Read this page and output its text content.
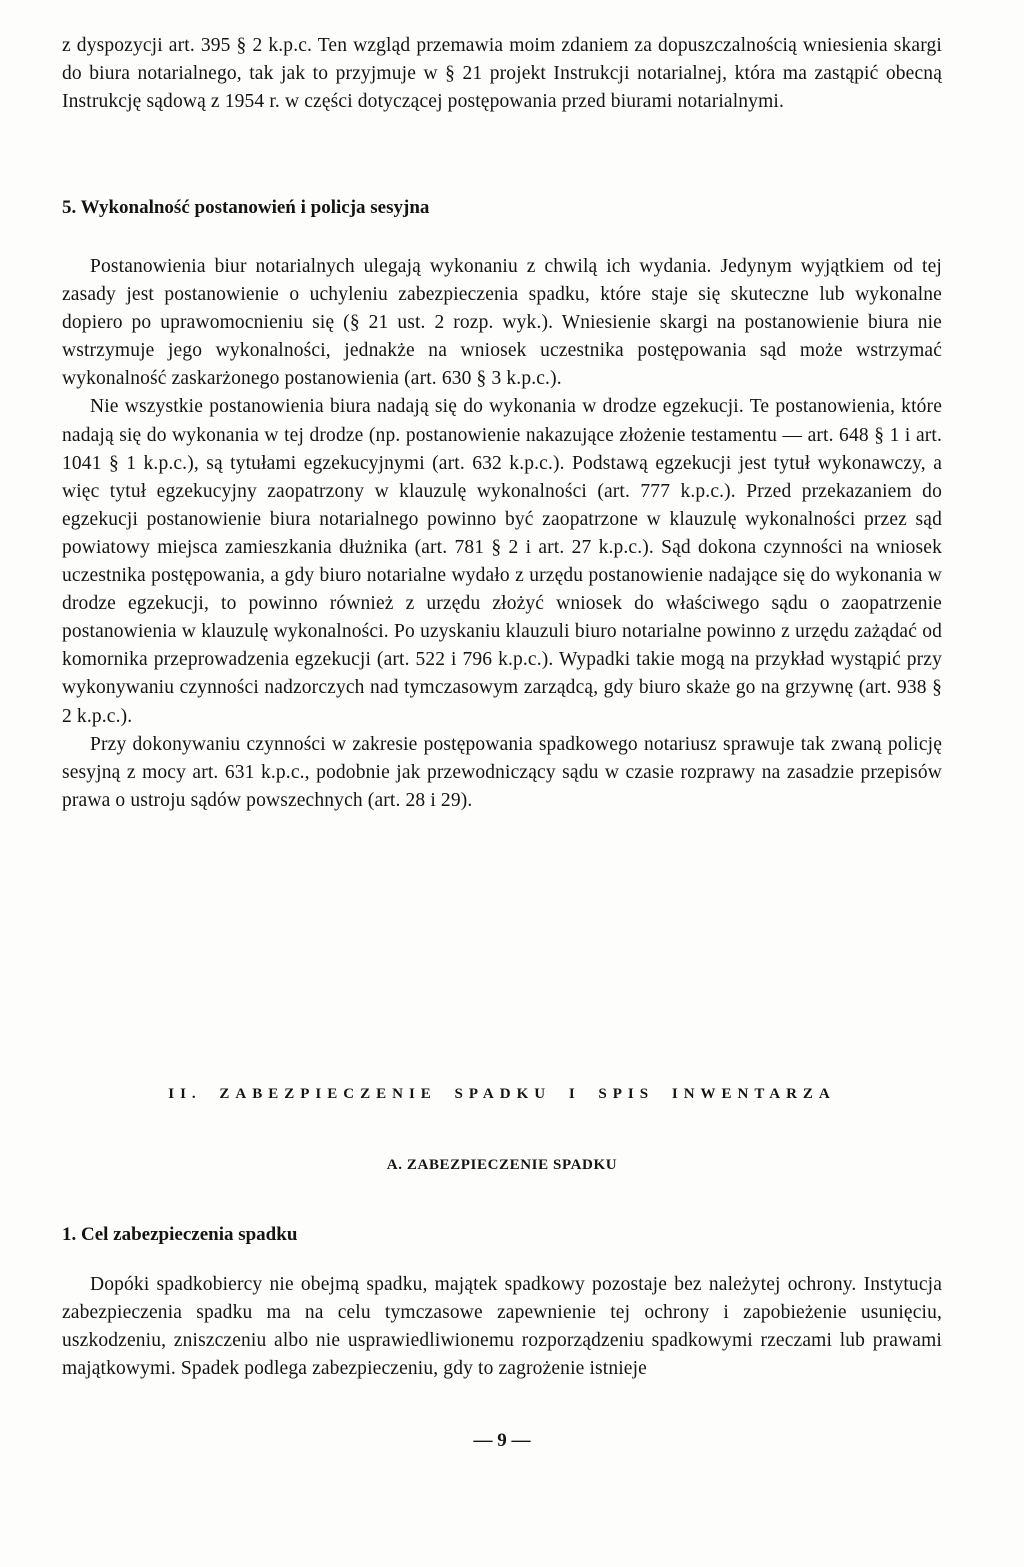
z dyspozycji art. 395 § 2 k.p.c. Ten wzgląd przemawia moim zdaniem za dopuszczalnością wniesienia skargi do biura notarialnego, tak jak to przyjmuje w § 21 projekt Instrukcji notarialnej, która ma zastąpić obecną Instrukcję sądową z 1954 r. w części dotyczącej postępowania przed biurami notarialnymi.

5. Wykonalność postanowień i policja sesyjna

Postanowienia biur notarialnych ulegają wykonaniu z chwilą ich wydania. Jedynym wyjątkiem od tej zasady jest postanowienie o uchyleniu zabezpieczenia spadku, które staje się skuteczne lub wykonalne dopiero po uprawomocnieniu się (§ 21 ust. 2 rozp. wyk.). Wniesienie skargi na postanowienie biura nie wstrzymuje jego wykonalności, jednakże na wniosek uczestnika postępowania sąd może wstrzymać wykonalność zaskarżonego postanowienia (art. 630 § 3 k.p.c.).

Nie wszystkie postanowienia biura nadają się do wykonania w drodze egzekucji. Te postanowienia, które nadają się do wykonania w tej drodze (np. postanowienie nakazujące złożenie testamentu — art. 648 § 1 i art. 1041 § 1 k.p.c.), są tytułami egzekucyjnymi (art. 632 k.p.c.). Podstawą egzekucji jest tytuł wykonawczy, a więc tytuł egzekucyjny zaopatrzony w klauzulę wykonalności (art. 777 k.p.c.). Przed przekazaniem do egzekucji postanowienie biura notarialnego powinno być zaopatrzone w klauzulę wykonalności przez sąd powiatowy miejsca zamieszkania dłużnika (art. 781 § 2 i art. 27 k.p.c.). Sąd dokona czynności na wniosek uczestnika postępowania, a gdy biuro notarialne wydało z urzędu postanowienie nadające się do wykonania w drodze egzekucji, to powinno również z urzędu złożyć wniosek do właściwego sądu o zaopatrzenie postanowienia w klauzulę wykonalności. Po uzyskaniu klauzuli biuro notarialne powinno z urzędu zażądać od komornika przeprowadzenia egzekucji (art. 522 i 796 k.p.c.). Wypadki takie mogą na przykład wystąpić przy wykonywaniu czynności nadzorczych nad tymczasowym zarządcą, gdy biuro skaże go na grzywnę (art. 938 § 2 k.p.c.).

Przy dokonywaniu czynności w zakresie postępowania spadkowego notariusz sprawuje tak zwaną policję sesyjną z mocy art. 631 k.p.c., podobnie jak przewodniczący sądu w czasie rozprawy na zasadzie przepisów prawa o ustroju sądów powszechnych (art. 28 i 29).

II. ZABEZPIECZENIE SPADKU I SPIS INWENTARZA
A. ZABEZPIECZENIE SPADKU
1. Cel zabezpieczenia spadku

Dopóki spadkobiercy nie obejmą spadku, majątek spadkowy pozostaje bez należytej ochrony. Instytucja zabezpieczenia spadku ma na celu tymczasowe zapewnienie tej ochrony i zapobieżenie usunięciu, uszkodzeniu, zniszczeniu albo nie usprawiedliwionemu rozporządzeniu spadkowymi rzeczami lub prawami majątkowymi. Spadek podlega zabezpieczeniu, gdy to zagrożenie istnieje

— 9 —
